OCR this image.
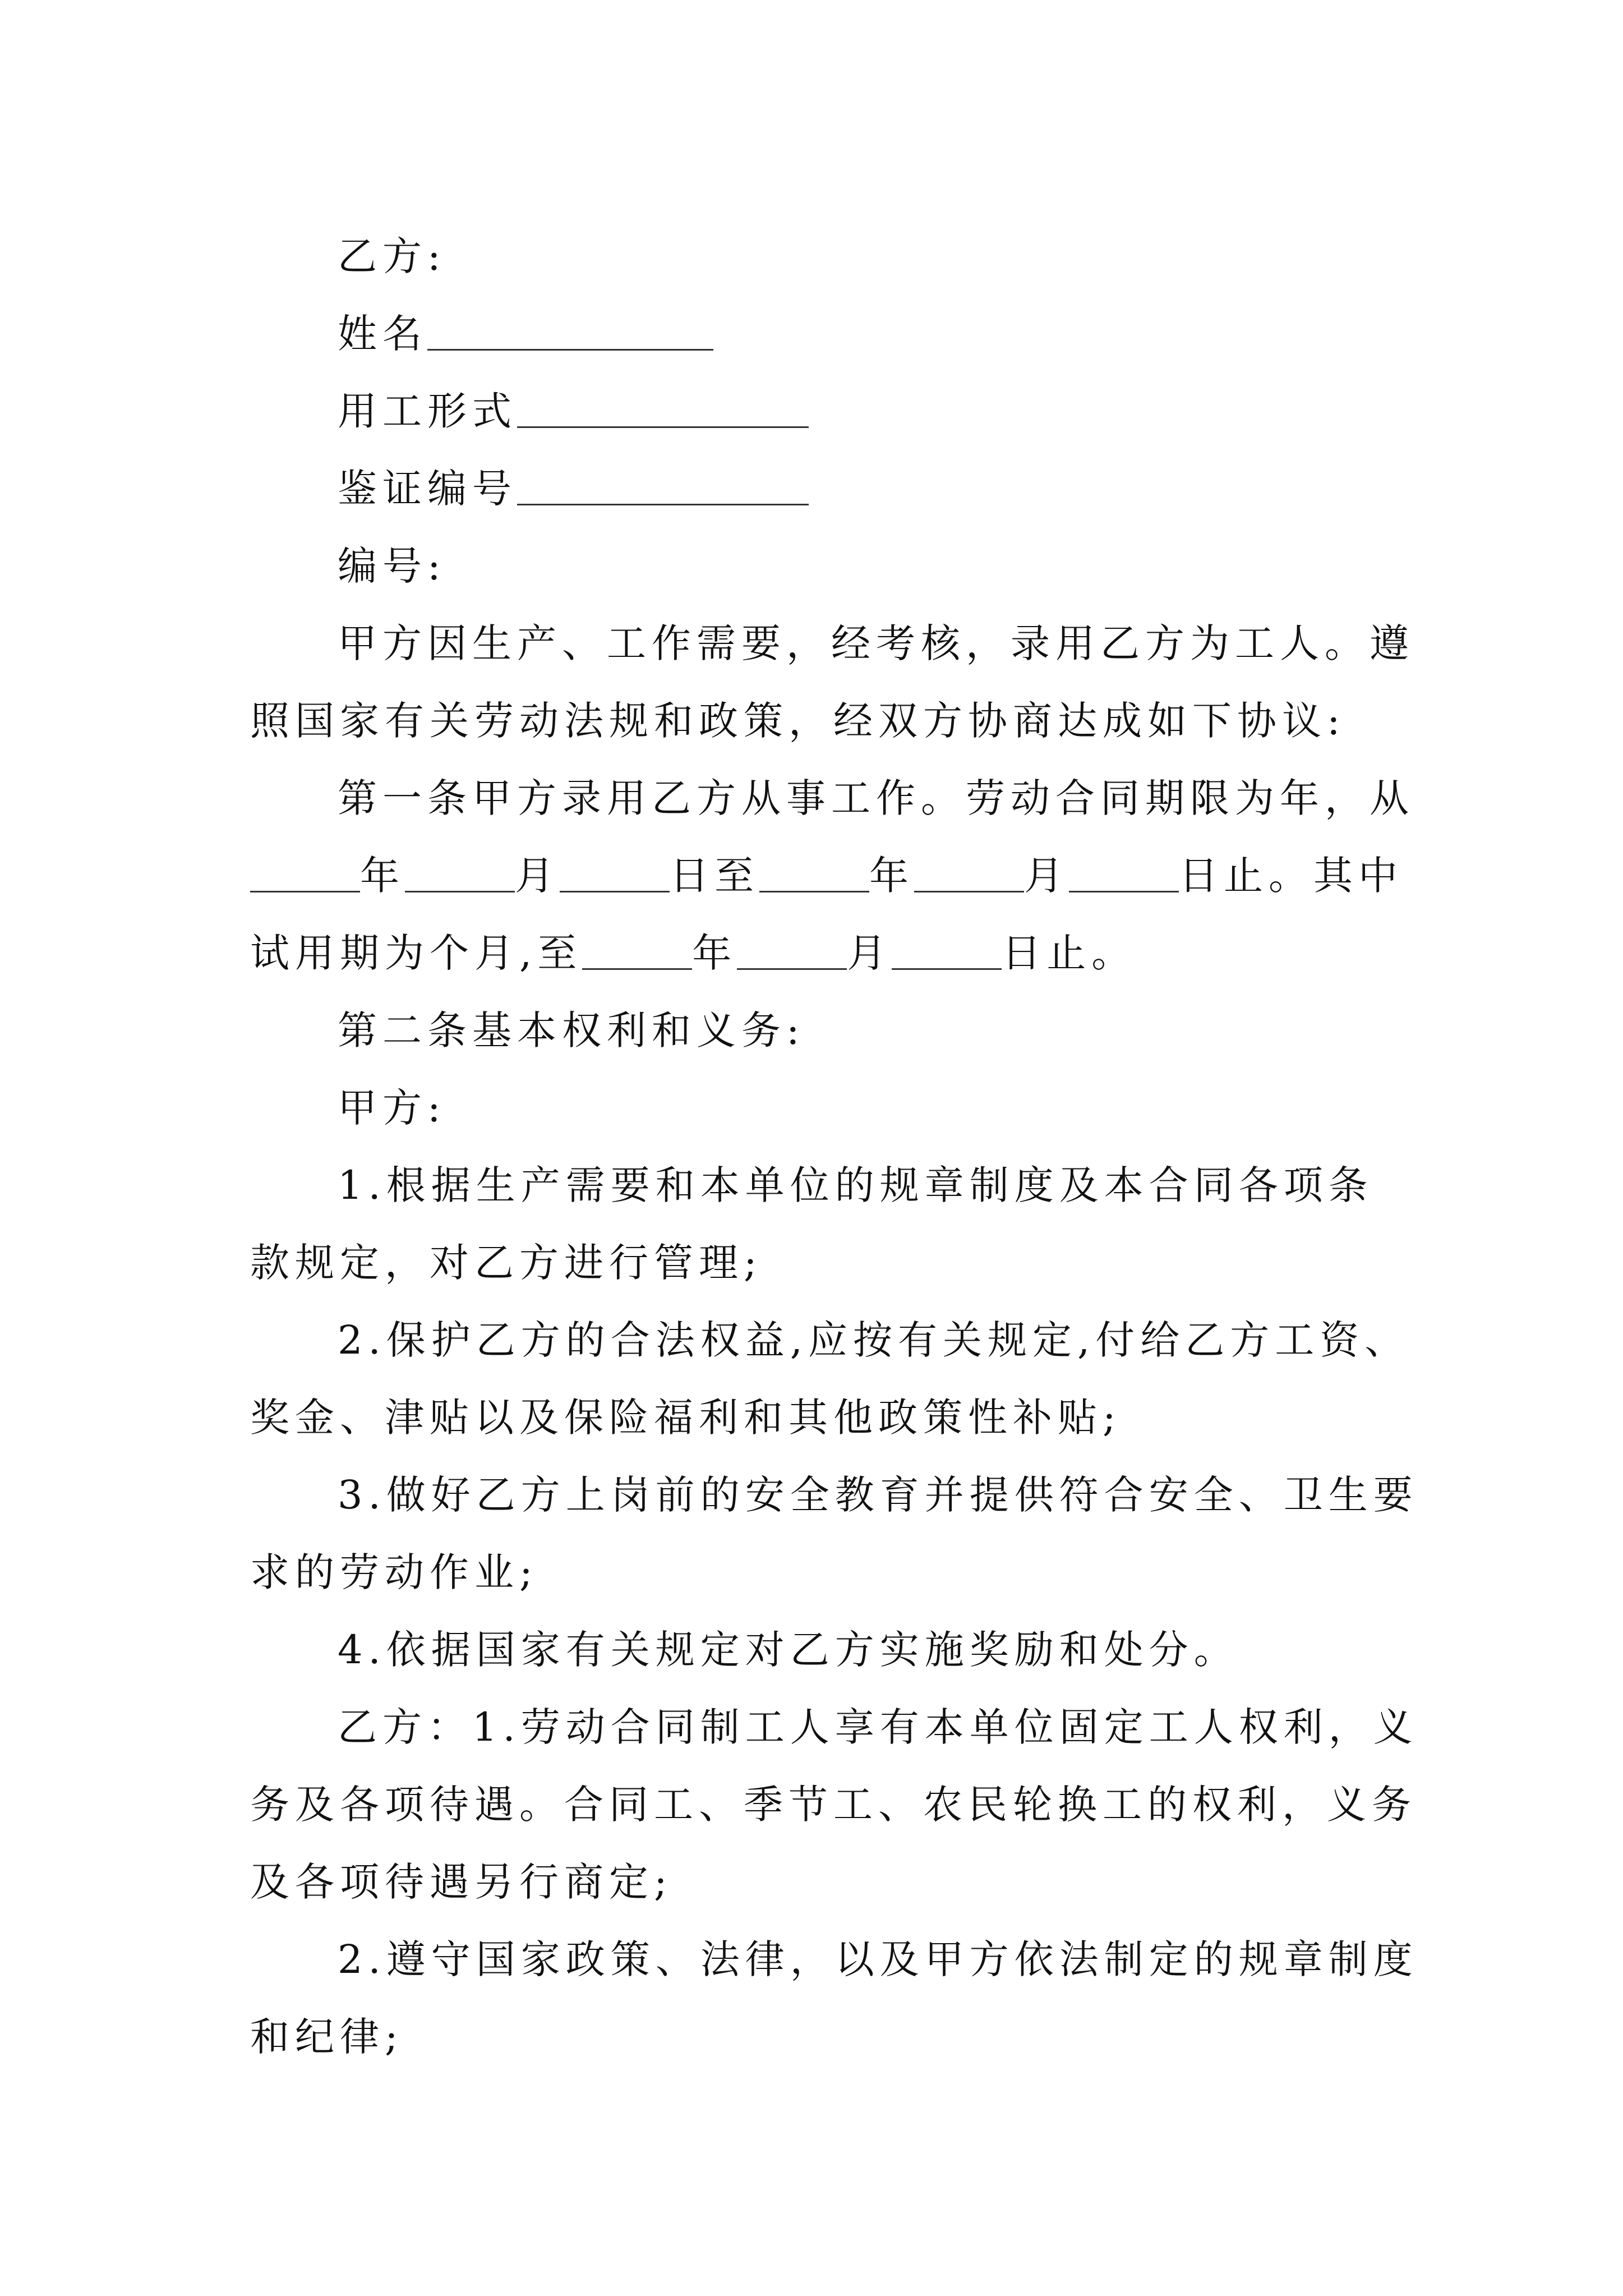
乙方:
姓名
用工形式
鉴证编号
编号:
甲方因生产、工作需要，经考核，录用乙方为工人。遵
照国家有关劳动法规和政策，经双方协商达成如下协议:
第一条甲方录用乙方从事工作。劳动合同期限为年，从
年	月	日至	年	月	日止。其中
试用期为个月,至	年	月	日止。
第二条基本权利和义务:
甲方:
1.根据生产需要和本单位的规章制度及本合同各项条
款规定，对乙方进行管理;
2.保护乙方的合法权益,应按有关规定,付给乙方工资、
奖金、津贴以及保险福利和其他政策性补贴;
3.做好乙方上岗前的安全教育并提供符合安全、卫生要
求的劳动作业;
4.依据国家有关规定对乙方实施奖励和处分。
乙方：1.劳动合同制工人享有本单位固定工人权利，义
务及各项待遇。合同工、季节工、农民轮换工的权利，义务
及各项待遇另行商定;
2.遵守国家政策、法律，以及甲方依法制定的规章制度
和纪律;
